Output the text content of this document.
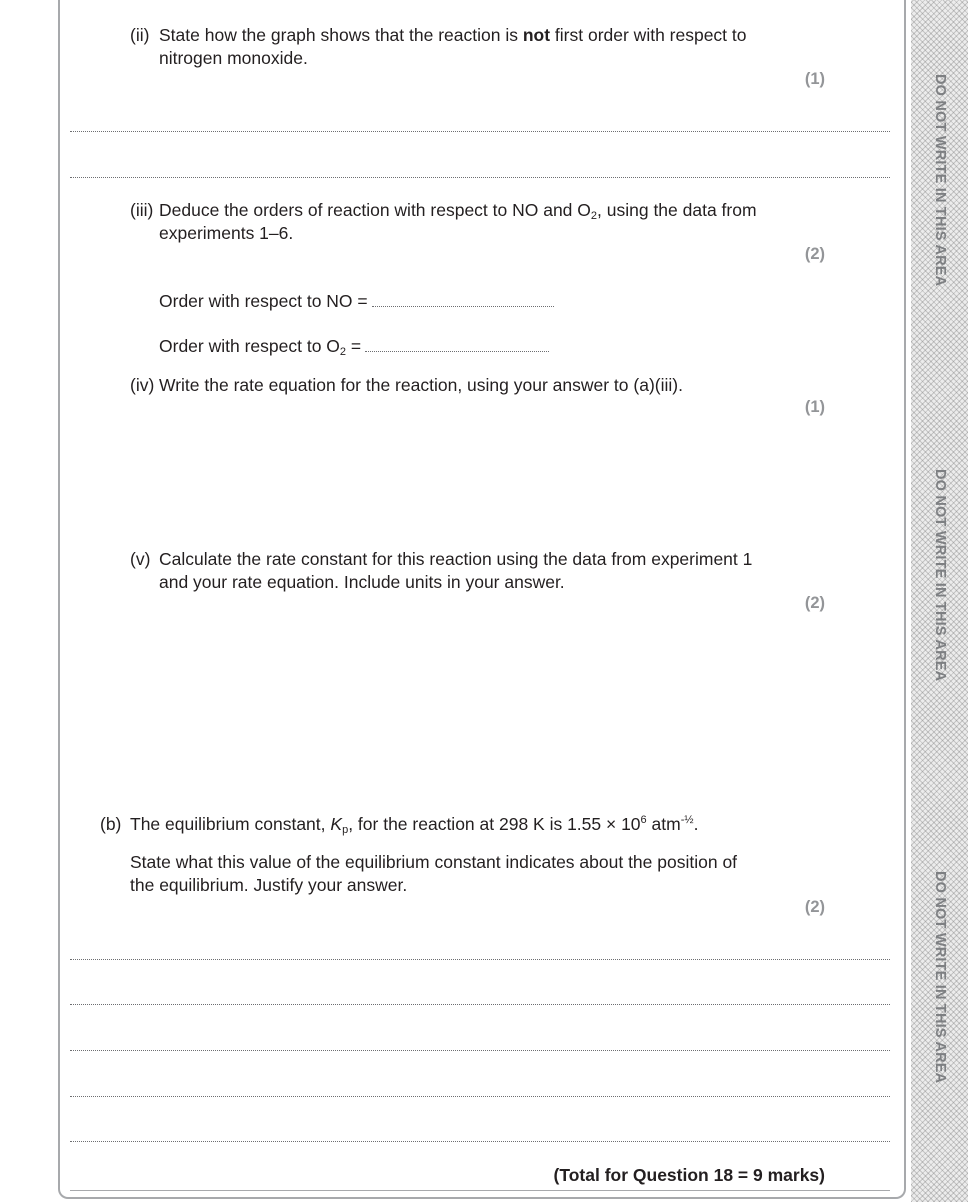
DO NOT WRITE IN THIS AREA
DO NOT WRITE IN THIS AREA
DO NOT WRITE IN THIS AREA
(ii) State how the graph shows that the reaction is not first order with respect to
nitrogen monoxide.
(1)
(iii) Deduce the orders of reaction with respect to NO and $O_2$, using the data from
experiments 1–6.
(2)
Order with respect to NO =
Order with respect to $O_2$ =
(iv) Write the rate equation for the reaction, using your answer to (a)(iii).
(1)
(v) Calculate the rate constant for this reaction using the data from experiment 1
and your rate equation. Include units in your answer.
(2)
(b) The equilibrium constant, $K_p$, for the reaction at 298 K is $1.55 \times 10^6$ atm$^{-\frac{1}{2}}$.
State what this value of the equilibrium constant indicates about the position of
the equilibrium. Justify your answer.
(2)
(Total for Question 18 = 9 marks)
